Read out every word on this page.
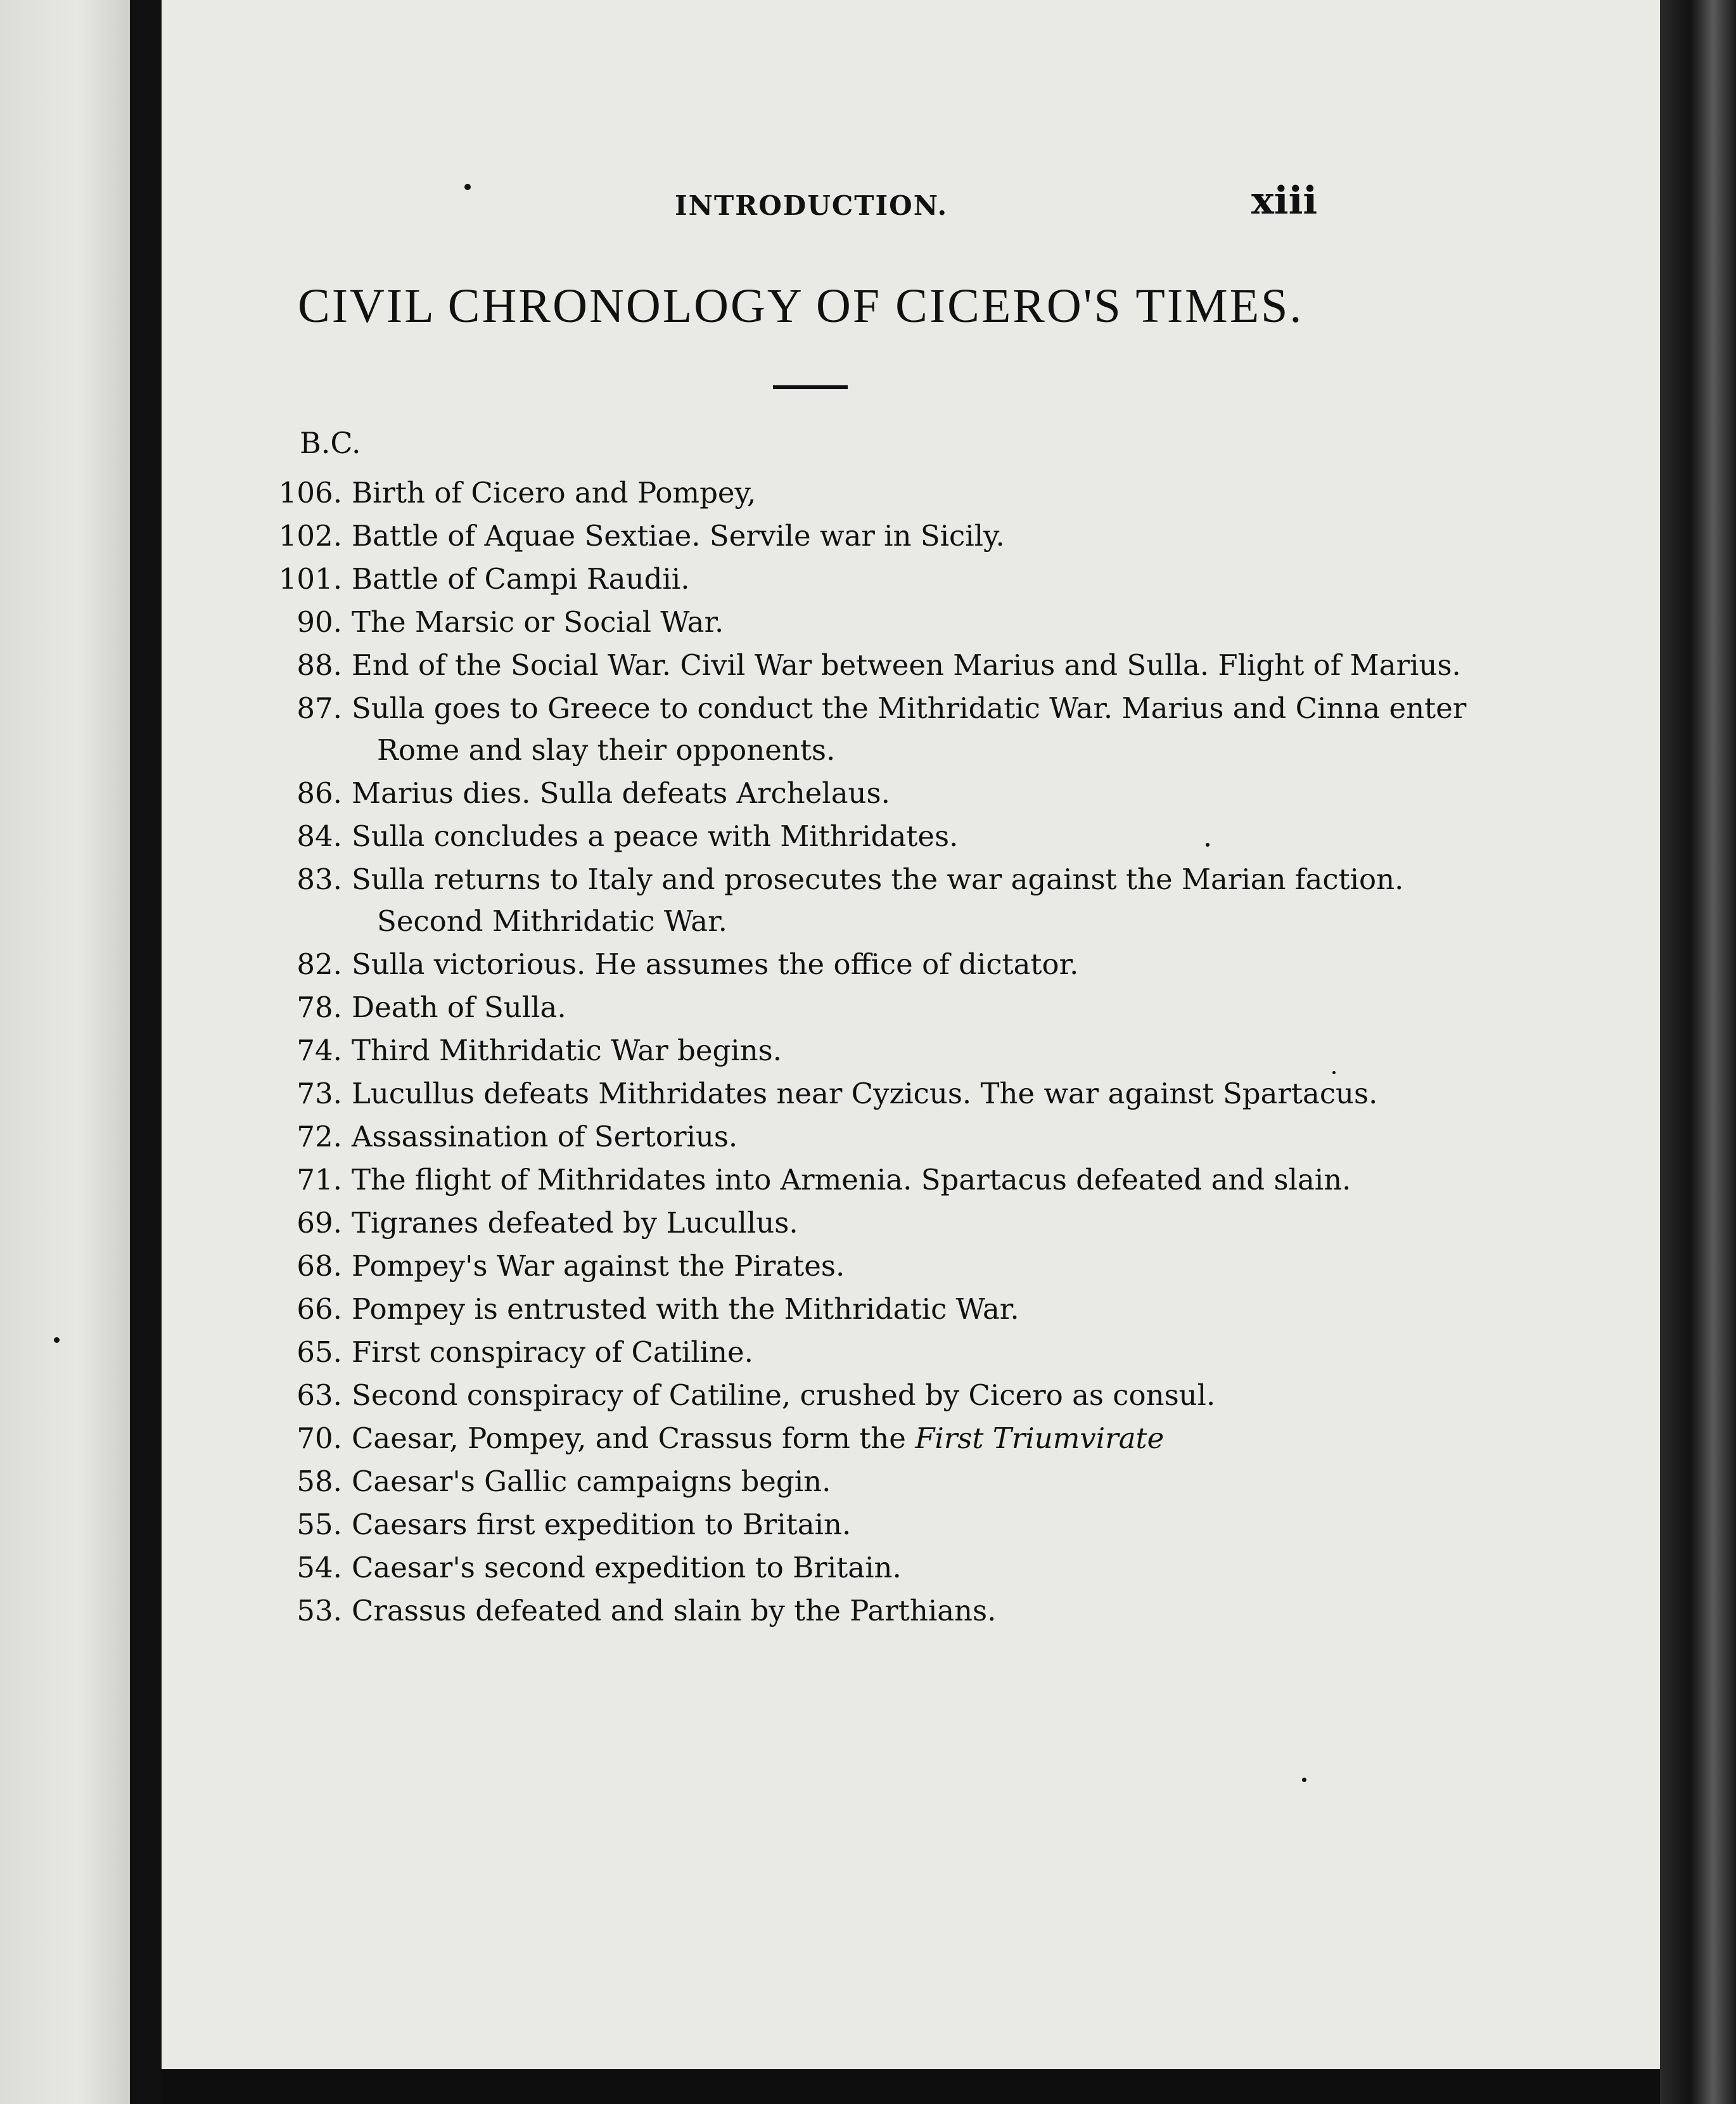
INTRODUCTION.	xiii
CIVIL CHRONOLOGY OF CICERO'S TIMES.
B.C.
106. Birth of Cicero and Pompey,
102. Battle of Aquae Sextiae. Servile war in Sicily.
101. Battle of Campi Raudii.
90. The Marsic or Social War.
88. End of the Social War. Civil War between Marius and Sulla. Flight of Marius.
87. Sulla goes to Greece to conduct the Mithridatic War. Marius and Cinna enter Rome and slay their opponents.
86. Marius dies. Sulla defeats Archelaus.
84. Sulla concludes a peace with Mithridates.
83. Sulla returns to Italy and prosecutes the war against the Marian faction. Second Mithridatic War.
82. Sulla victorious. He assumes the office of dictator.
78. Death of Sulla.
74. Third Mithridatic War begins.
73. Lucullus defeats Mithridates near Cyzicus. The war against Spartacus.
72. Assassination of Sertorius.
71. The flight of Mithridates into Armenia. Spartacus defeated and slain.
69. Tigranes defeated by Lucullus.
68. Pompey's War against the Pirates.
66. Pompey is entrusted with the Mithridatic War.
65. First conspiracy of Catiline.
63. Second conspiracy of Catiline, crushed by Cicero as consul.
70. Caesar, Pompey, and Crassus form the First Triumvirate
58. Caesar's Gallic campaigns begin.
55. Caesars first expedition to Britain.
54. Caesar's second expedition to Britain.
53. Crassus defeated and slain by the Parthians.
